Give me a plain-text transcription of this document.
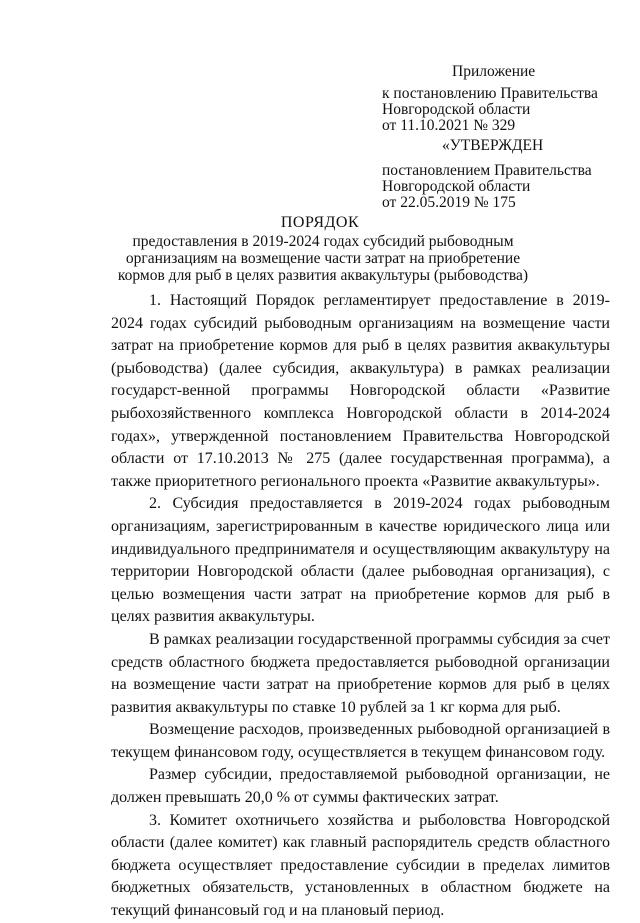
Приложение
к постановлению Правительства
Новгородской области
от 11.10.2021 № 329
«УТВЕРЖДЕН
постановлением Правительства
Новгородской области
от 22.05.2019 № 175
ПОРЯДОК
предоставления в 2019-2024 годах субсидий рыбоводным организациям на возмещение части затрат на приобретение кормов для рыб в целях развития аквакультуры (рыбоводства)

1. Настоящий Порядок регламентирует предоставление в 2019-2024 годах субсидий рыбоводным организациям на возмещение части затрат на приобретение кормов для рыб в целях развития аквакультуры (рыбоводства) (далее субсидия, аквакультура) в рамках реализации государст-венной программы Новгородской области «Развитие рыбохозяйственного комплекса Новгородской области в 2014-2024 годах», утвержденной постановлением Правительства Новгородской области от 17.10.2013 № 275 (далее государственная программа), а также приоритетного регионального проекта «Развитие аквакультуры».

2. Субсидия предоставляется в 2019-2024 годах рыбоводным организациям, зарегистрированным в качестве юридического лица или индивидуального предпринимателя и осуществляющим аквакультуру на территории Новгородской области (далее рыбоводная организация), с целью возмещения части затрат на приобретение кормов для рыб в целях развития аквакультуры.

В рамках реализации государственной программы субсидия за счет средств областного бюджета предоставляется рыбоводной организации на возмещение части затрат на приобретение кормов для рыб в целях развития аквакультуры по ставке 10 рублей за 1 кг корма для рыб.

Возмещение расходов, произведенных рыбоводной организацией в текущем финансовом году, осуществляется в текущем финансовом году.

Размер субсидии, предоставляемой рыбоводной организации, не должен превышать 20,0 % от суммы фактических затрат.

3. Комитет охотничьего хозяйства и рыболовства Новгородской области (далее комитет) как главный распорядитель средств областного бюджета осуществляет предоставление субсидии в пределах лимитов бюджетных обязательств, установленных в областном бюджете на текущий финансовый год и на плановый период.
